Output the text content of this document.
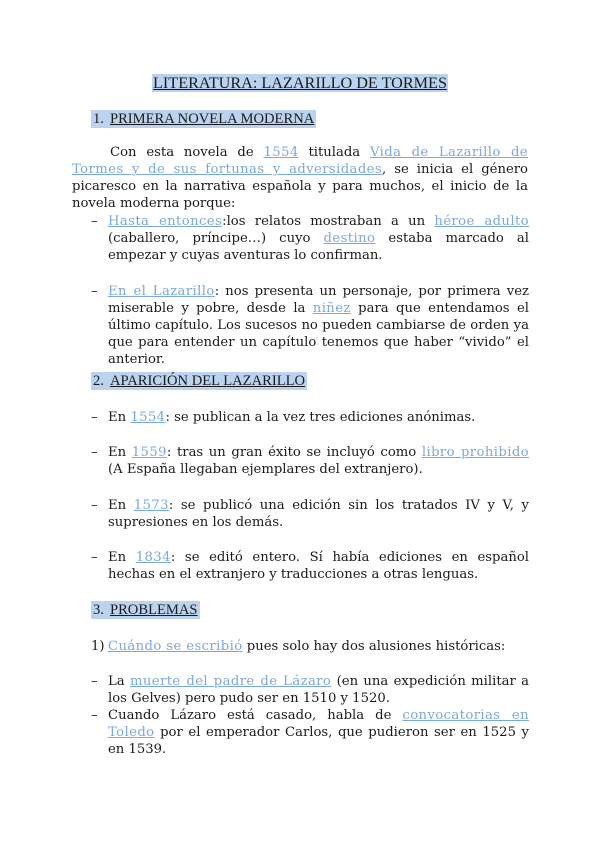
LITERATURA: LAZARILLO DE TORMES
1. PRIMERA NOVELA MODERNA
Con esta novela de 1554 titulada Vida de Lazarillo de Tormes y de sus fortunas y adversidades, se inicia el género picaresco en la narrativa española y para muchos, el inicio de la novela moderna porque:
– Hasta entonces:los relatos mostraban a un héroe adulto (caballero, príncipe…) cuyo destino estaba marcado al empezar y cuyas aventuras lo confirman.
– En el Lazarillo: nos presenta un personaje, por primera vez miserable y pobre, desde la niñez para que entendamos el último capítulo. Los sucesos no pueden cambiarse de orden ya que para entender un capítulo tenemos que haber “vivido” el anterior.
2. APARICIÓN DEL LAZARILLO
– En 1554: se publican a la vez tres ediciones anónimas.
– En 1559: tras un gran éxito se incluyó como libro prohibido (A España llegaban ejemplares del extranjero).
– En 1573: se publicó una edición sin los tratados IV y V, y supresiones en los demás.
– En 1834: se editó entero. Sí había ediciones en español hechas en el extranjero y traducciones a otras lenguas.
3. PROBLEMAS
1) Cuándo se escribió pues solo hay dos alusiones históricas:
– La muerte del padre de Lázaro (en una expedición militar a los Gelves) pero pudo ser en 1510 y 1520.
– Cuando Lázaro está casado, habla de convocatorias en Toledo por el emperador Carlos, que pudieron ser en 1525 y en 1539.
